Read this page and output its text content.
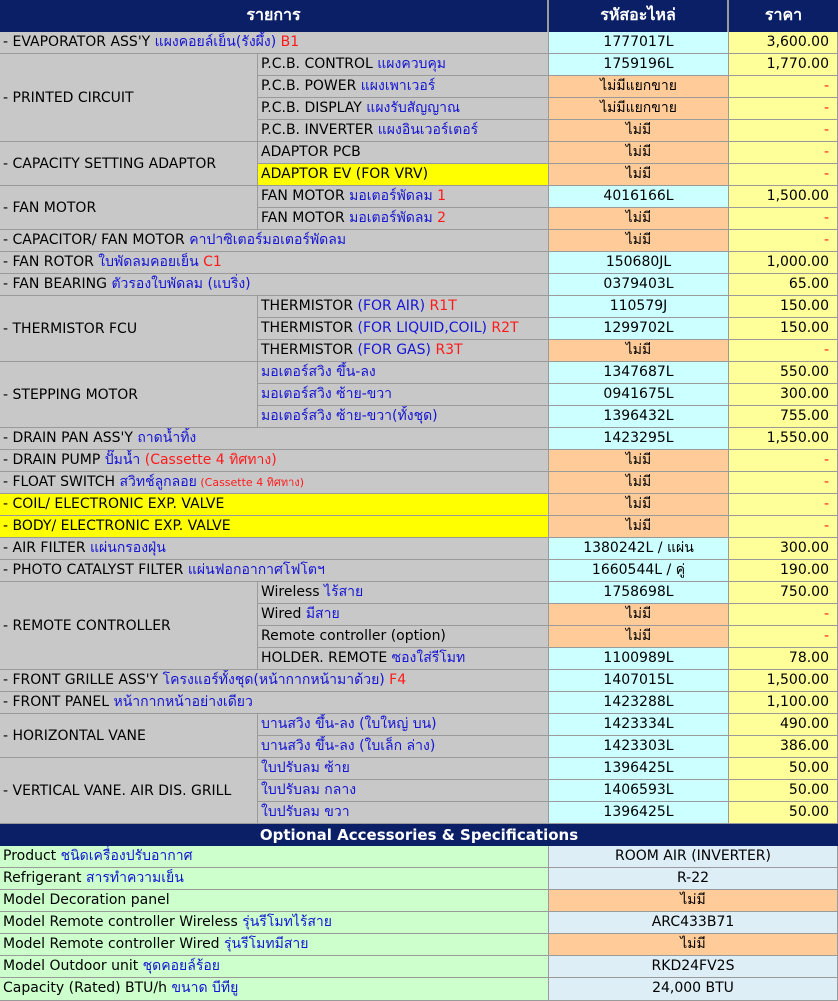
รายการ	รหัสอะไหล่	ราคา
- EVAPORATOR ASS'Y แผงคอยล์เย็น(รังผึ้ง) B1	1777017L	3,600.00
- PRINTED CIRCUIT
P.C.B. CONTROL แผงควบคุม	1759196L	1,770.00
P.C.B. POWER แผงเพาเวอร์	ไม่มีแยกขาย	-
P.C.B. DISPLAY แผงรับสัญญาณ	ไม่มีแยกขาย	-
P.C.B. INVERTER แผงอินเวอร์เตอร์	ไม่มี	-
- CAPACITY SETTING ADAPTOR
ADAPTOR PCB	ไม่มี	-
ADAPTOR EV (FOR VRV)	ไม่มี	-
- FAN MOTOR
FAN MOTOR มอเตอร์พัดลม 1	4016166L	1,500.00
FAN MOTOR มอเตอร์พัดลม 2	ไม่มี	-
- CAPACITOR/ FAN MOTOR คาปาซิเตอร์มอเตอร์พัดลม	ไม่มี	-
- FAN ROTOR ใบพัดลมคอยเย็น C1	150680JL	1,000.00
- FAN BEARING ตัวรองใบพัดลม (แบริ่ง)	0379403L	65.00
- THERMISTOR FCU
THERMISTOR (FOR AIR) R1T	110579J	150.00
THERMISTOR (FOR LIQUID,COIL) R2T	1299702L	150.00
THERMISTOR (FOR GAS) R3T	ไม่มี	-
- STEPPING MOTOR
มอเตอร์สวิง ขึ้น-ลง	1347687L	550.00
มอเตอร์สวิง ซ้าย-ขวา	0941675L	300.00
มอเตอร์สวิง ซ้าย-ขวา(ทั้งชุด)	1396432L	755.00
- DRAIN PAN ASS'Y ถาดน้ำทิ้ง	1423295L	1,550.00
- DRAIN PUMP ปั๊มน้ำ (Cassette 4 ทิศทาง)	ไม่มี	-
- FLOAT SWITCH สวิทช์ลูกลอย (Cassette 4 ทิศทาง)	ไม่มี	-
- COIL/ ELECTRONIC EXP. VALVE	ไม่มี	-
- BODY/ ELECTRONIC EXP. VALVE	ไม่มี	-
- AIR FILTER แผ่นกรองฝุ่น	1380242L / แผ่น	300.00
- PHOTO CATALYST FILTER แผ่นฟอกอากาศโฟโตฯ	1660544L / คู่	190.00
- REMOTE CONTROLLER
Wireless ไร้สาย	1758698L	750.00
Wired มีสาย	ไม่มี	-
Remote controller (option)	ไม่มี	-
HOLDER. REMOTE ซองใส่รีโมท	1100989L	78.00
- FRONT GRILLE ASS'Y โครงแอร์ทั้งชุด(หน้ากากหน้ามาด้วย) F4	1407015L	1,500.00
- FRONT PANEL หน้ากากหน้าอย่างเดียว	1423288L	1,100.00
- HORIZONTAL VANE
บานสวิง ขึ้น-ลง (ใบใหญ่ บน)	1423334L	490.00
บานสวิง ขึ้น-ลง (ใบเล็ก ล่าง)	1423303L	386.00
- VERTICAL VANE. AIR DIS. GRILL
ใบปรับลม ซ้าย	1396425L	50.00
ใบปรับลม กลาง	1406593L	50.00
ใบปรับลม ขวา	1396425L	50.00
Optional Accessories & Specifications
Product ชนิดเครื่องปรับอากาศ	ROOM AIR (INVERTER)
Refrigerant สารทำความเย็น	R-22
Model Decoration panel	ไม่มี
Model Remote controller Wireless รุ่นรีโมทไร้สาย	ARC433B71
Model Remote controller Wired รุ่นรีโมทมีสาย	ไม่มี
Model Outdoor unit ชุดคอยล์ร้อย	RKD24FV2S
Capacity (Rated) BTU/h ขนาด บีทียู	24,000 BTU
